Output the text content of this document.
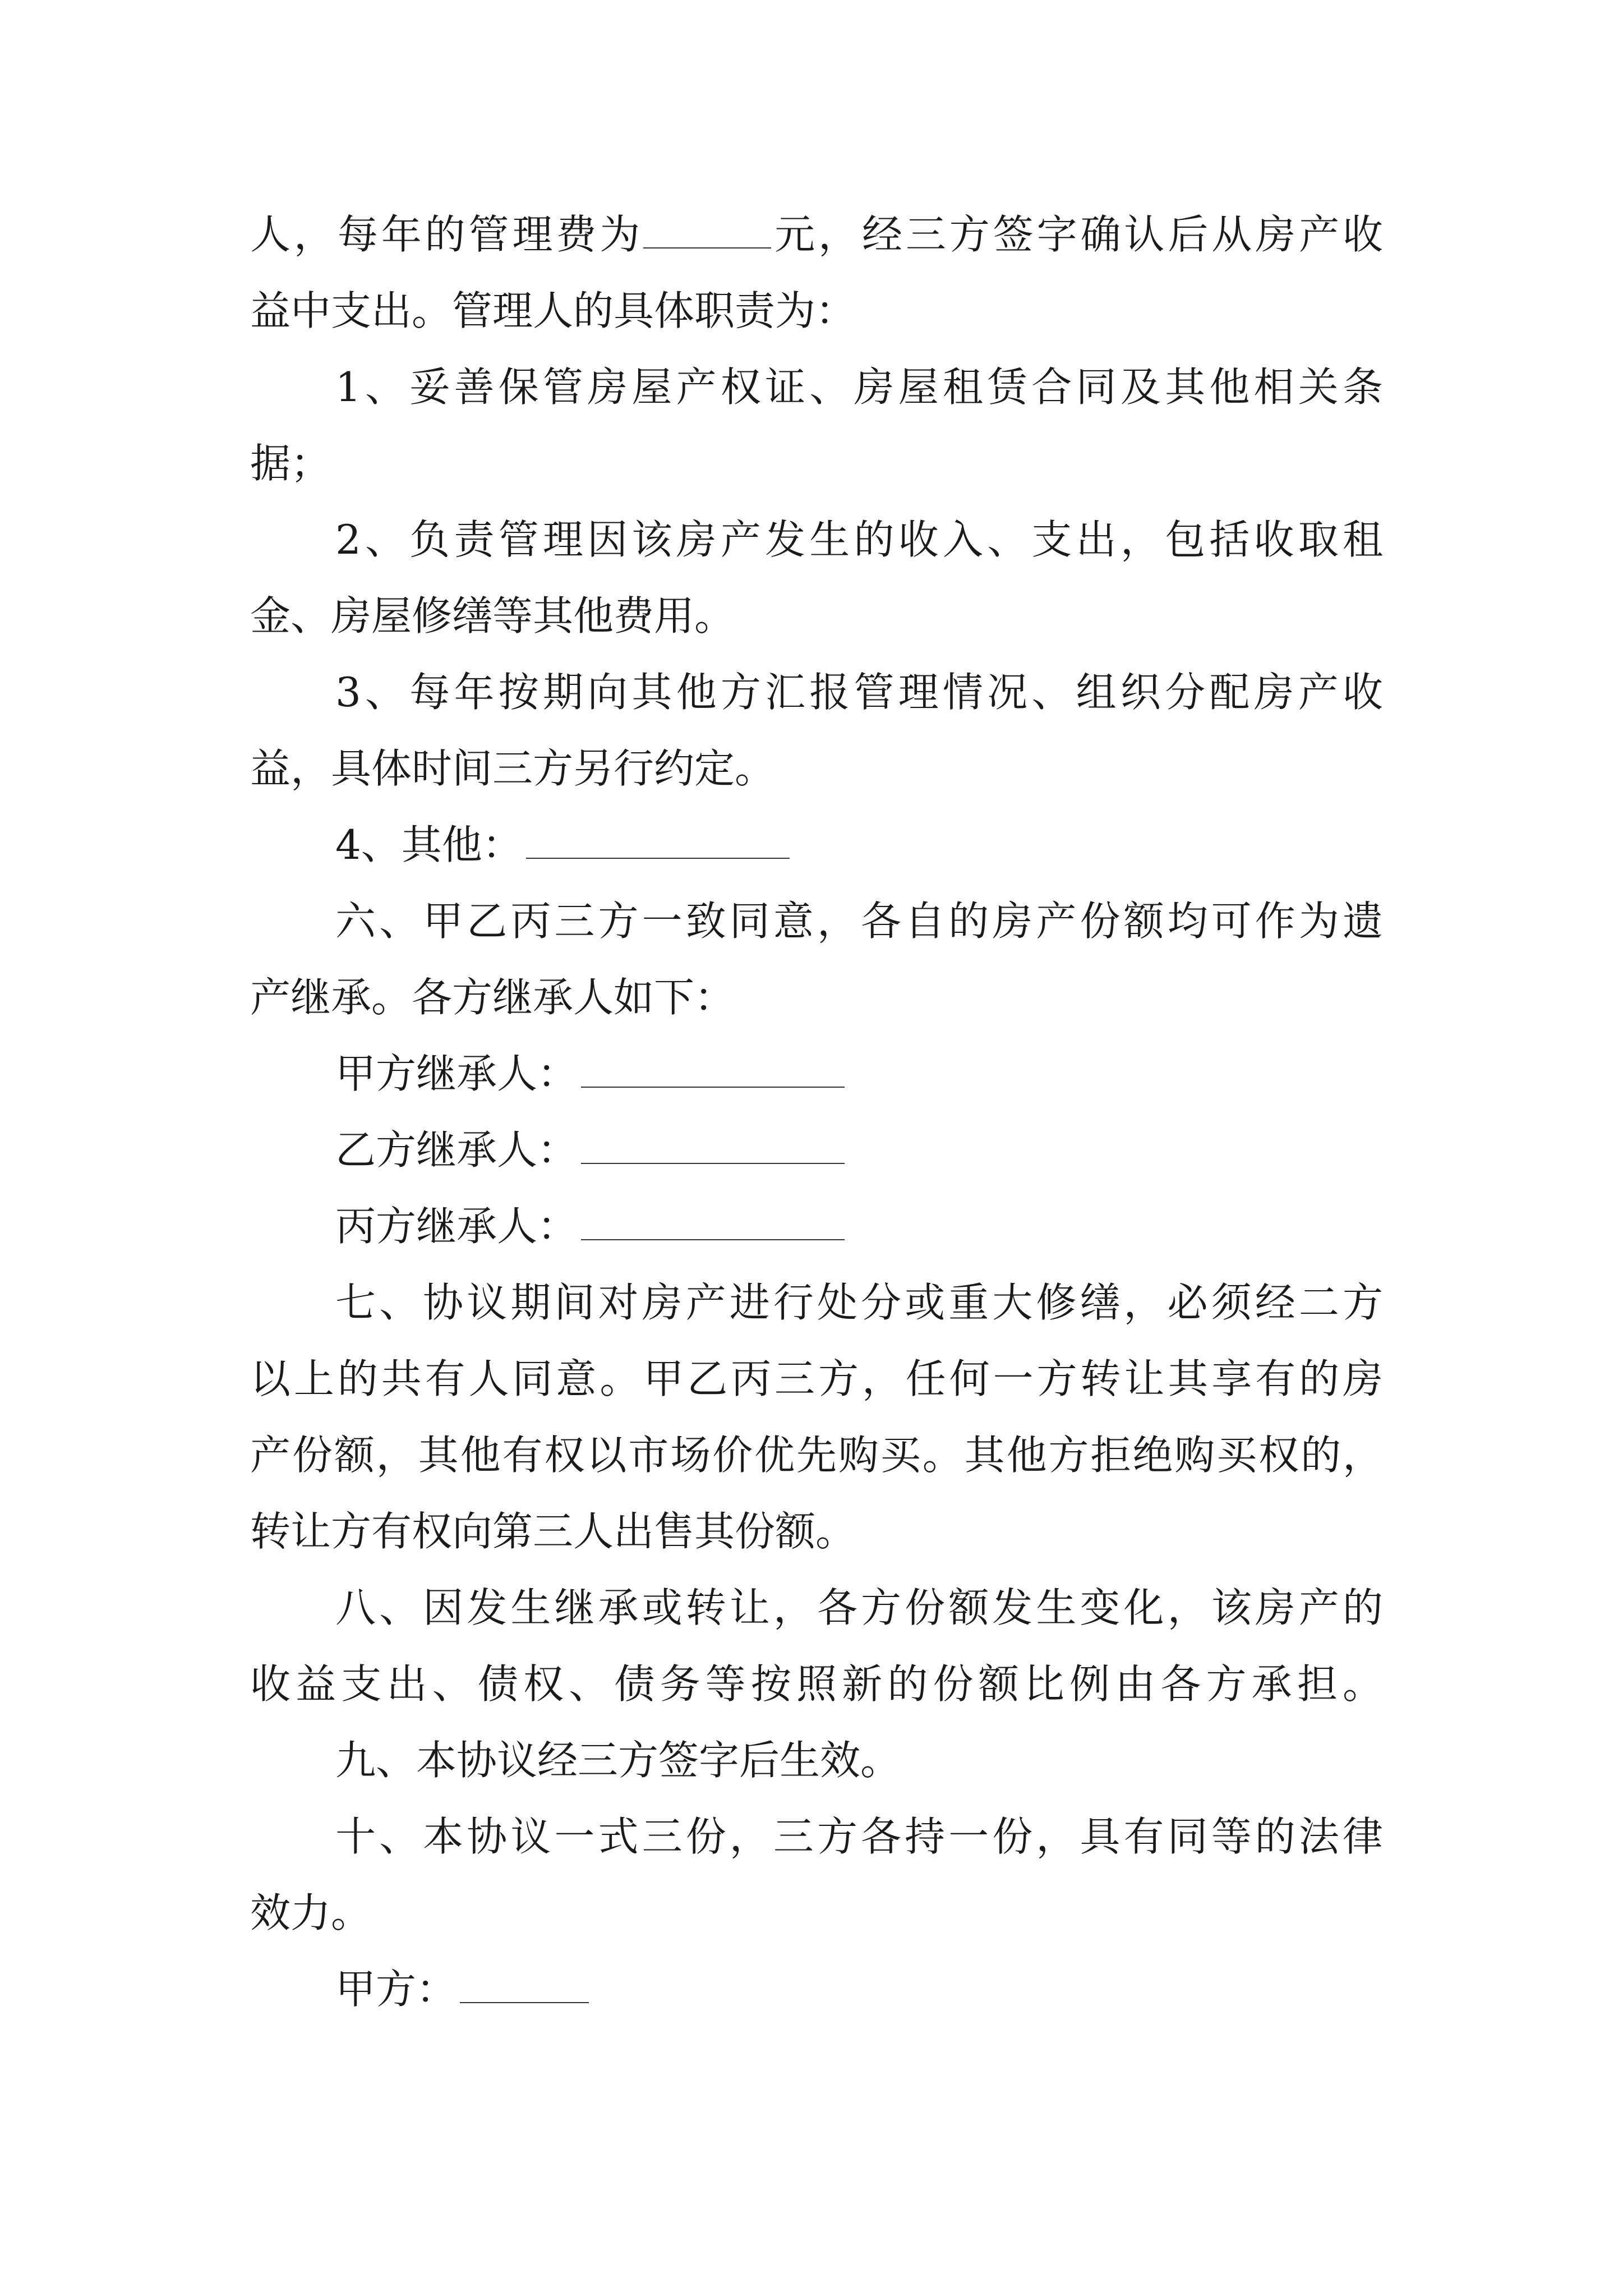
人，每年的管理费为	元，经三方签字确认后从房产收
益中支出。管理人的具体职责为：
1、妥善保管房屋产权证、房屋租赁合同及其他相关条
据；
2、负责管理因该房产发生的收入、支出，包括收取租
金、房屋修缮等其他费用。
3、每年按期向其他方汇报管理情况、组织分配房产收
益，具体时间三方另行约定。
4、其他：
六、甲乙丙三方一致同意，各自的房产份额均可作为遗
产继承。各方继承人如下：
甲方继承人：
乙方继承人：
丙方继承人：
七、协议期间对房产进行处分或重大修缮，必须经二方
以上的共有人同意。甲乙丙三方，任何一方转让其享有的房
产份额，其他有权以市场价优先购买。其他方拒绝购买权的，
转让方有权向第三人出售其份额。
八、因发生继承或转让，各方份额发生变化，该房产的
收益支出、债权、债务等按照新的份额比例由各方承担。
九、本协议经三方签字后生效。
十、本协议一式三份，三方各持一份，具有同等的法律
效力。
甲方：
